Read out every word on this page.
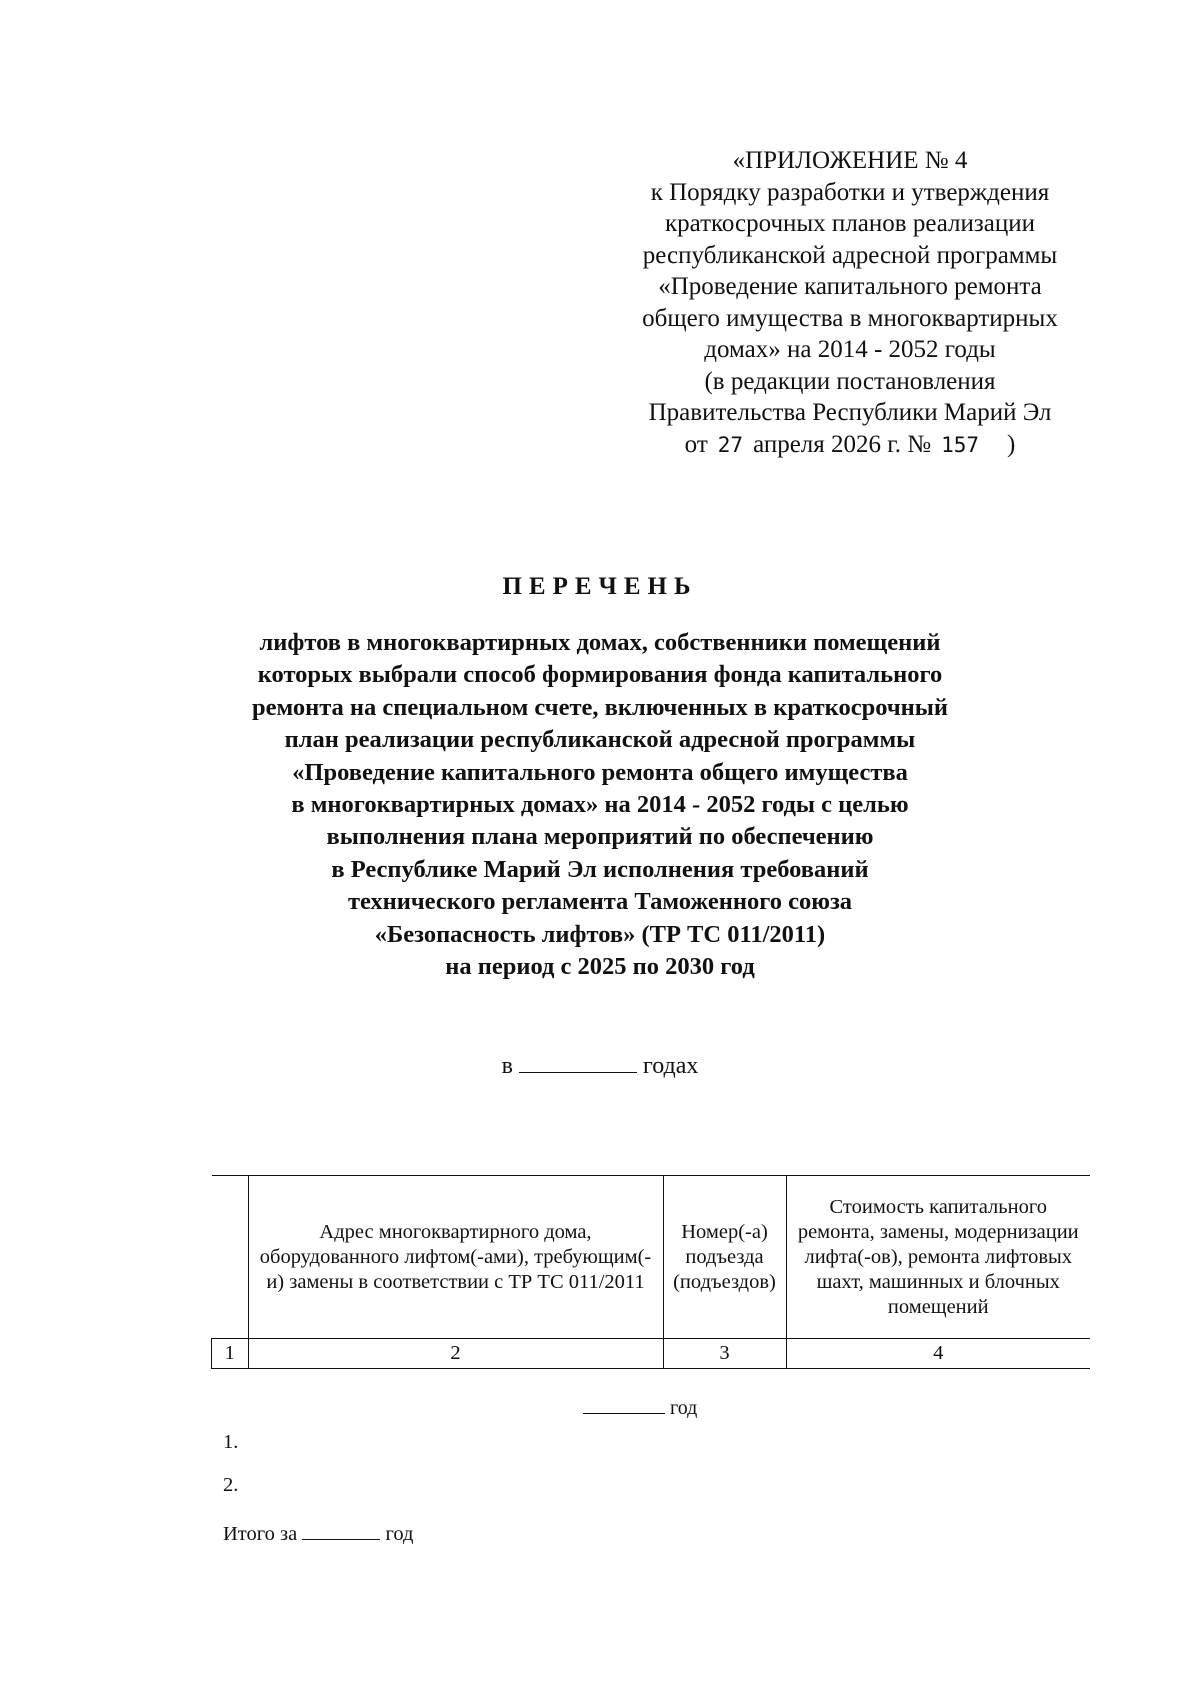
«ПРИЛОЖЕНИЕ № 4
к Порядку разработки и утверждения
краткосрочных планов реализации
республиканской адресной программы
«Проведение капитального ремонта
общего имущества в многоквартирных
домах» на 2014 - 2052 годы
(в редакции постановления
Правительства Республики Марий Эл
от 27 апреля 2026 г. № 157 )
ПЕРЕЧЕНЬ
лифтов в многоквартирных домах, собственники помещений
которых выбрали способ формирования фонда капитального
ремонта на специальном счете, включенных в краткосрочный
план реализации республиканской адресной программы
«Проведение капитального ремонта общего имущества
в многоквартирных домах» на 2014 - 2052 годы с целью
выполнения плана мероприятий по обеспечению
в Республике Марий Эл исполнения требований
технического регламента Таможенного союза
«Безопасность лифтов» (ТР ТС 011/2011)
на период с 2025 по 2030 год
в	годах
	Адрес многоквартирного дома, оборудованного лифтом(-ами), требующим(-и) замены в соответствии с ТР ТС 011/2011	Номер(-а) подъезда (подъездов)	Стоимость капитального ремонта, замены, модернизации лифта(-ов), ремонта лифтовых шахт, машинных и блочных помещений
1	2	3	4
год
1.
2.
Итого за	год
